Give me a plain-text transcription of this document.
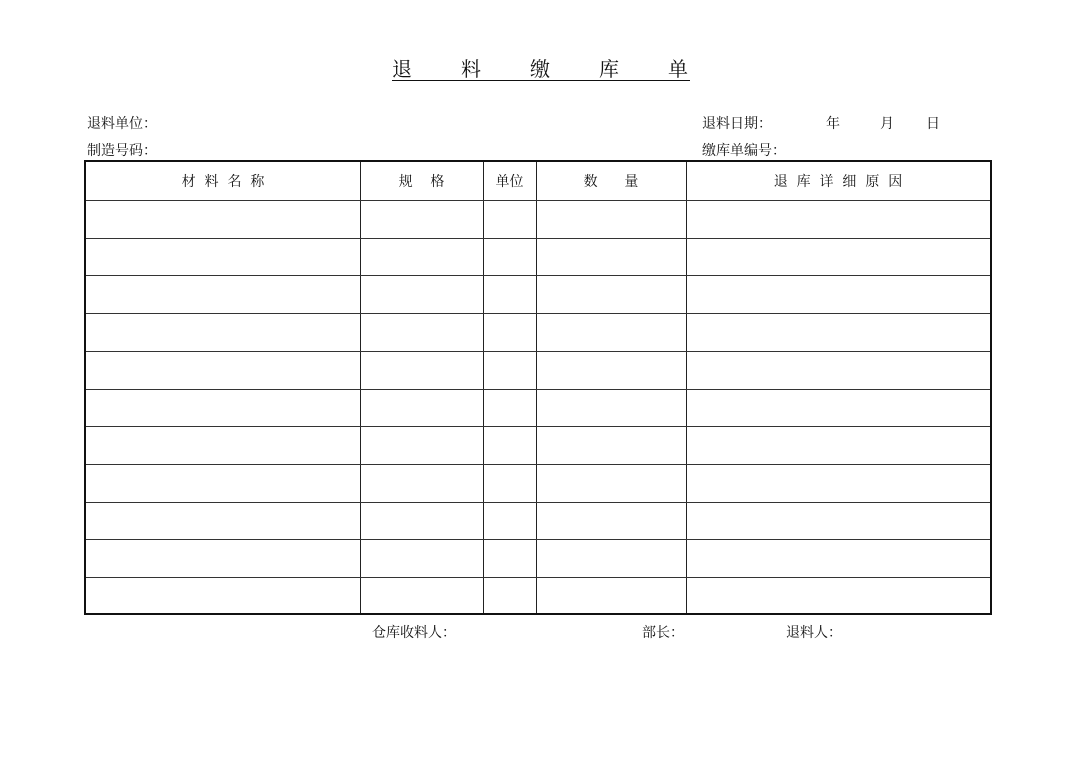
退 料 缴 库 单
退料单位：
制造号码：
退料日期：	年	月 日
缴库单编号：
材  料  名  称	规    格	单位	数      量	退  库  详  细  原  因
仓库收料人：	部长：	退料人：
